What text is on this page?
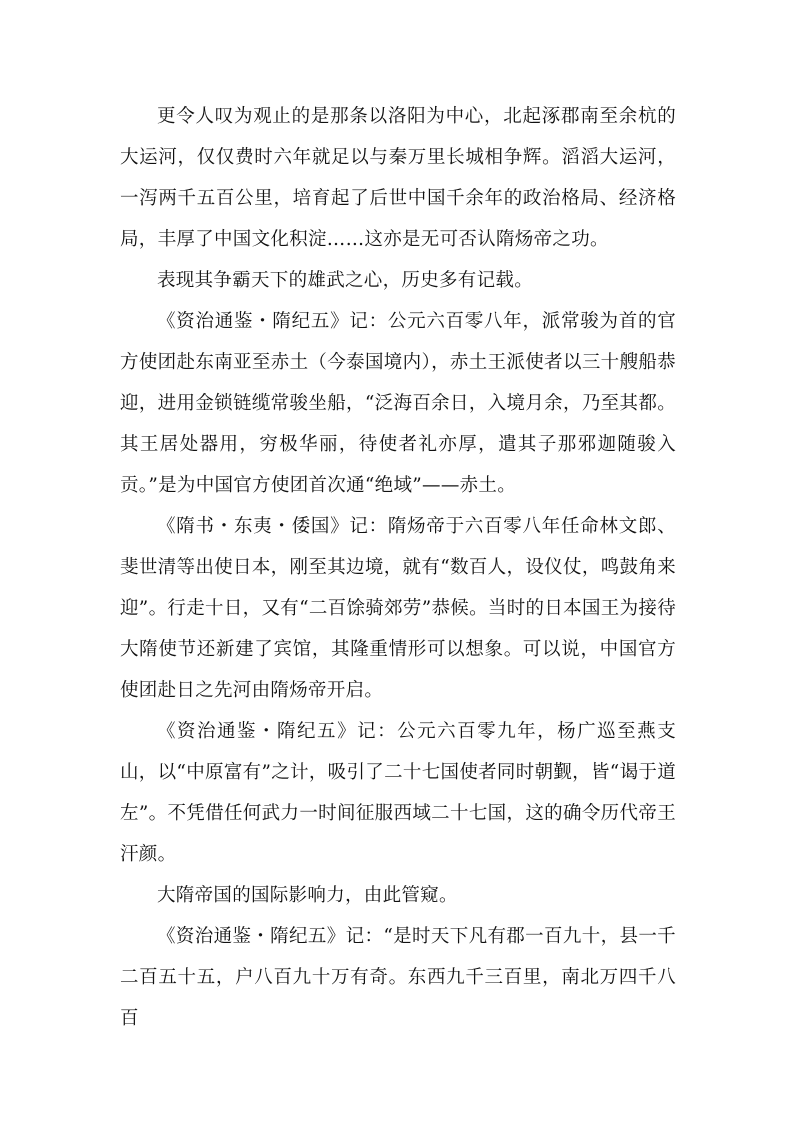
更令人叹为观止的是那条以洛阳为中心，北起涿郡南至余杭的大运河，仅仅费时六年就足以与秦万里长城相争辉。滔滔大运河，一泻两千五百公里，培育起了后世中国千余年的政治格局、经济格局，丰厚了中国文化积淀……这亦是无可否认隋炀帝之功。

表现其争霸天下的雄武之心，历史多有记载。

《资治通鉴・隋纪五》记：公元六百零八年，派常骏为首的官方使团赴东南亚至赤土（今泰国境内），赤土王派使者以三十艘船恭迎，进用金锁链缆常骏坐船，“泛海百余日，入境月余，乃至其都。其王居处器用，穷极华丽，待使者礼亦厚，遣其子那邪迦随骏入贡。”是为中国官方使团首次通“绝域”——赤土。

《隋书・东夷・倭国》记：隋炀帝于六百零八年任命林文郎、斐世清等出使日本，刚至其边境，就有“数百人，设仪仗，鸣鼓角来迎”。行走十日，又有“二百馀骑郊劳”恭候。当时的日本国王为接待大隋使节还新建了宾馆，其隆重情形可以想象。可以说，中国官方使团赴日之先河由隋炀帝开启。

《资治通鉴・隋纪五》记：公元六百零九年，杨广巡至燕支山，以“中原富有”之计，吸引了二十七国使者同时朝觐，皆“谒于道左”。不凭借任何武力一时间征服西域二十七国，这的确令历代帝王汗颜。

大隋帝国的国际影响力，由此管窥。

《资治通鉴・隋纪五》记：“是时天下凡有郡一百九十，县一千二百五十五，户八百九十万有奇。东西九千三百里，南北万四千八百
